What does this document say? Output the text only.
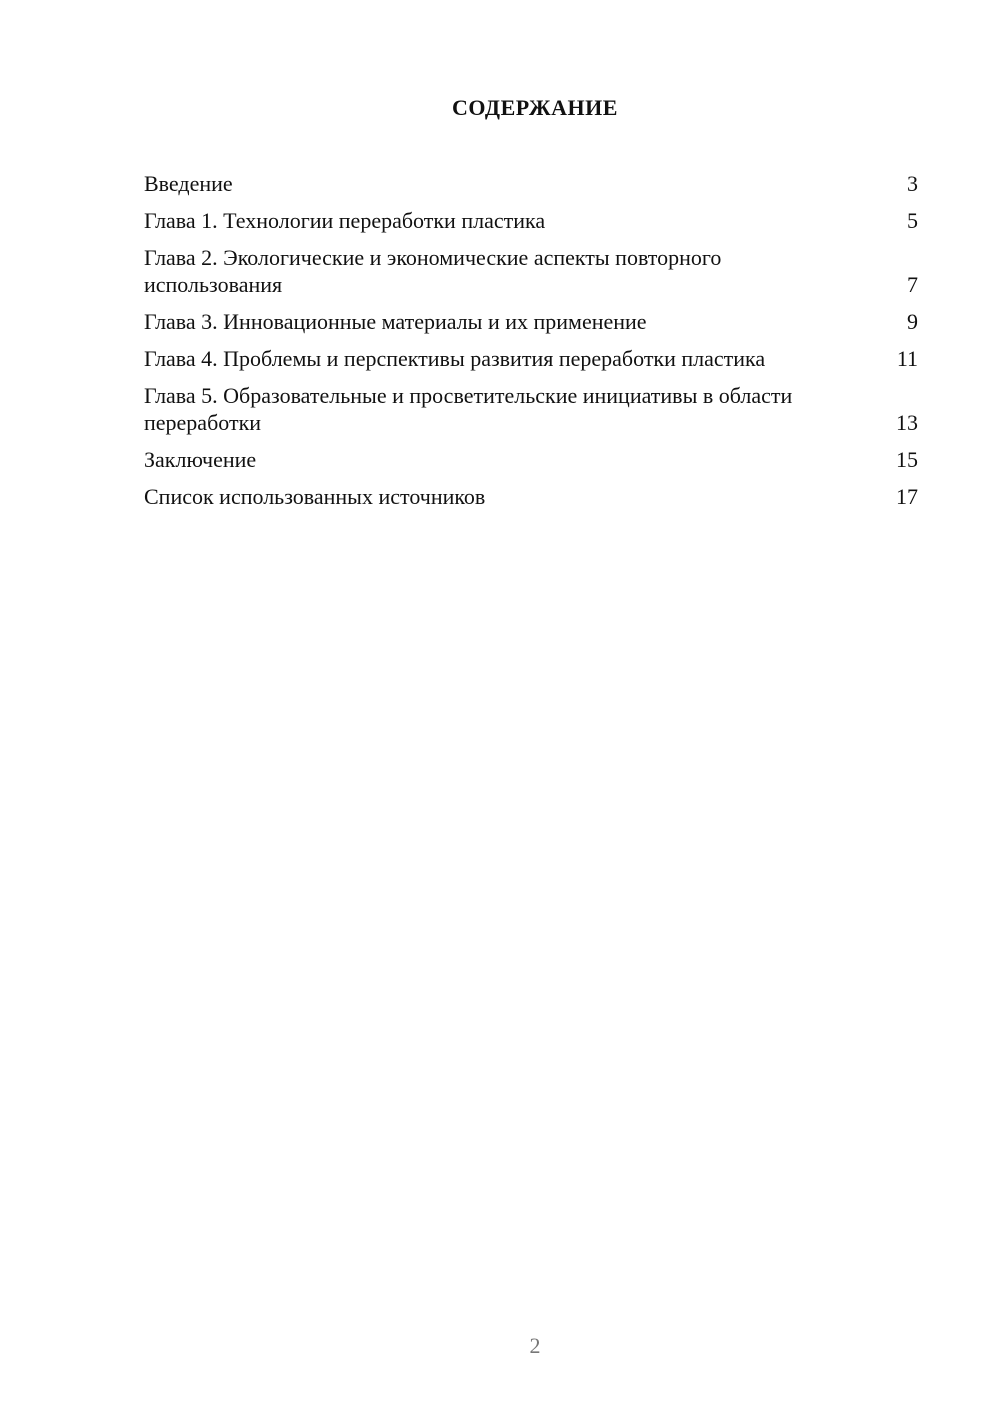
СОДЕРЖАНИЕ
Введение	3
Глава 1. Технологии переработки пластика	5
Глава 2. Экологические и экономические аспекты повторного использования	7
Глава 3. Инновационные материалы и их применение	9
Глава 4. Проблемы и перспективы развития переработки пластика	11
Глава 5. Образовательные и просветительские инициативы в области переработки	13
Заключение	15
Список использованных источников	17
2
